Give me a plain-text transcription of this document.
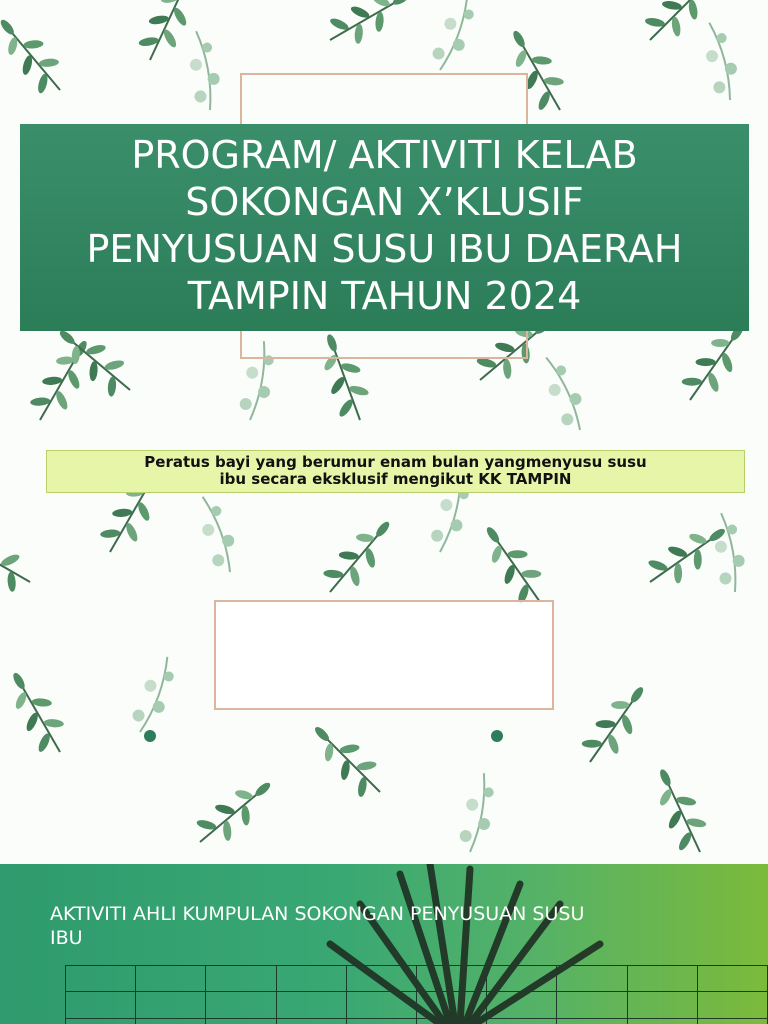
PROGRAM/ AKTIVITI KELAB
SOKONGAN X’KLUSIF
PENYUSUAN SUSU IBU DAERAH
TAMPIN TAHUN 2024
Peratus bayi yang berumur enam bulan yangmenyusu susu
ibu secara eksklusif mengikut KK TAMPIN
AKTIVITI AHLI KUMPULAN SOKONGAN PENYUSUAN SUSU
IBU
